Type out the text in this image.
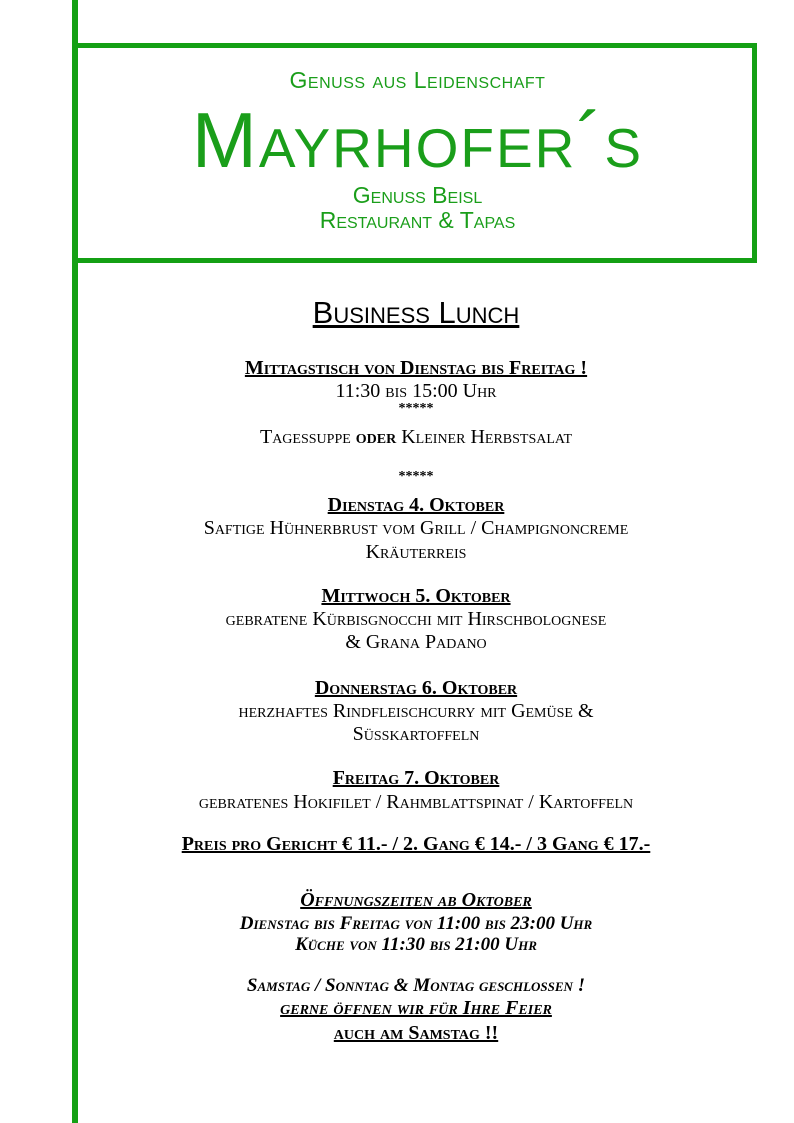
Genuss aus Leidenschaft
Mayrhofer´s
Genuss Beisl
Restaurant & Tapas
Business Lunch
Mittagstisch von Dienstag bis Freitag !
11:30 bis 15:00 Uhr
*****
Tagessuppe oder Kleiner Herbstsalat
*****
Dienstag 4. Oktober
Saftige Hühnerbrust vom Grill / Champignoncreme
Kräuterreis
Mittwoch 5. Oktober
gebratene Kürbisgnocchi mit Hirschbolognese
& Grana Padano
Donnerstag 6. Oktober
herzhaftes Rindfleischcurry mit Gemüse &
Süsskartoffeln
Freitag 7. Oktober
gebratenes Hokifilet / Rahmblattspinat / Kartoffeln
Preis pro Gericht € 11.- / 2. Gang € 14.- / 3 Gang € 17.-
Öffnungszeiten ab Oktober
Dienstag bis Freitag von 11:00 bis 23:00 Uhr
Küche von 11:30 bis 21:00 Uhr
Samstag / Sonntag & Montag geschlossen !
gerne öffnen wir für Ihre Feier
auch am Samstag !!
